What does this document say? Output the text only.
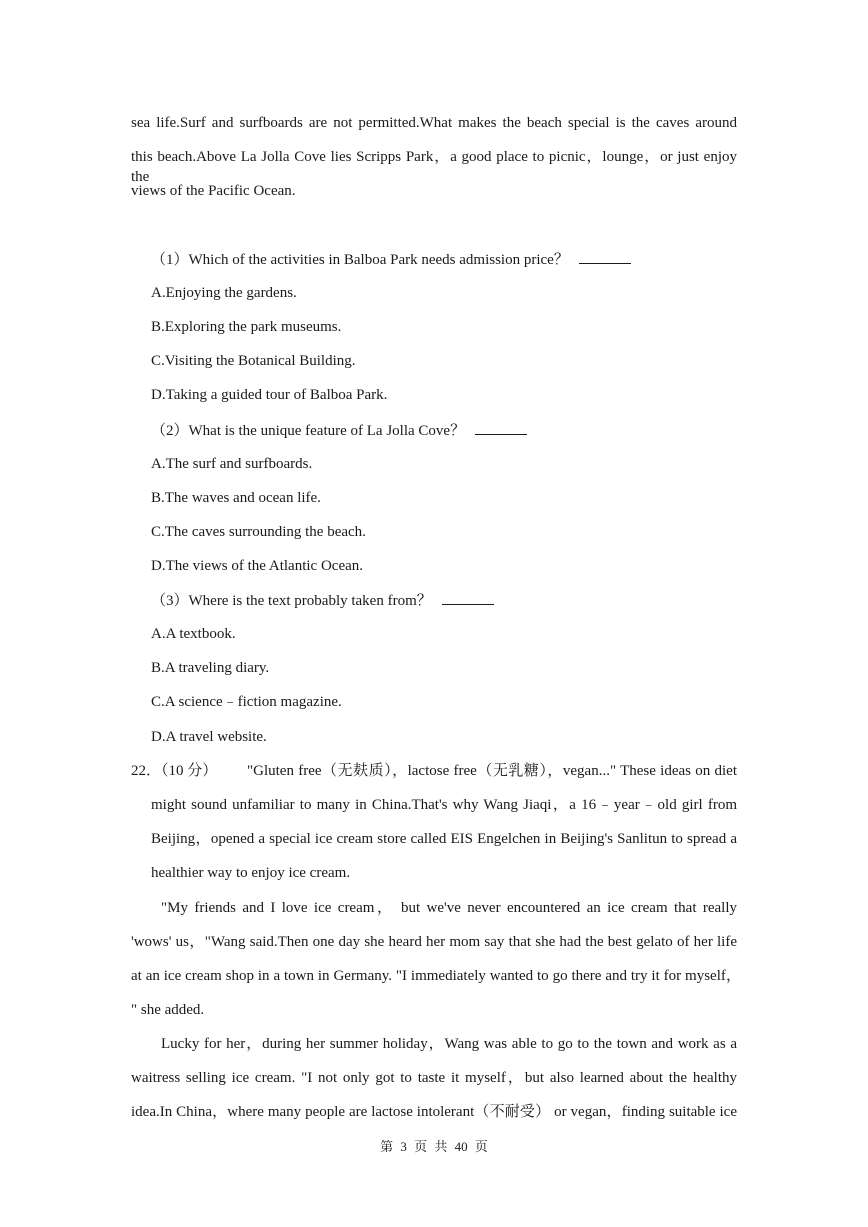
sea life.Surf and surfboards are not permitted.What makes the beach special is the caves around
this beach.Above La Jolla Cove lies Scripps Park，a good place to picnic，lounge，or just enjoy the
views of the Pacific Ocean.
（1）Which of the activities in Balboa Park needs admission price？
A.Enjoying the gardens.
B.Exploring the park museums.
C.Visiting the Botanical Building.
D.Taking a guided tour of Balboa Park.
（2）What is the unique feature of La Jolla Cove？
A.The surf and surfboards.
B.The waves and ocean life.
C.The caves surrounding the beach.
D.The views of the Atlantic Ocean.
（3）Where is the text probably taken from？
A.A textbook.
B.A traveling diary.
C.A science﹣fiction magazine.
D.A travel website.
22．（10 分） "Gluten free（无麸质），lactose free（无乳糖），vegan..." These ideas on diet
might sound unfamiliar to many in China.That's why Wang Jiaqi，a 16﹣year﹣old girl from
Beijing，opened a special ice cream store called EIS Engelchen in Beijing's Sanlitun to spread a
healthier way to enjoy ice cream.
"My friends and I love ice cream， but we've never encountered an ice cream that really
'wows' us，"Wang said.Then one day she heard her mom say that she had the best gelato of her life
at an ice cream shop in a town in Germany. "I immediately wanted to go there and try it for myself，
" she added.
Lucky for her，during her summer holiday，Wang was able to go to the town and work as a
waitress selling ice cream. "I not only got to taste it myself，but also learned about the healthy
idea.In China，where many people are lactose intolerant（不耐受） or vegan，finding suitable ice
第 3 页 共 40 页
